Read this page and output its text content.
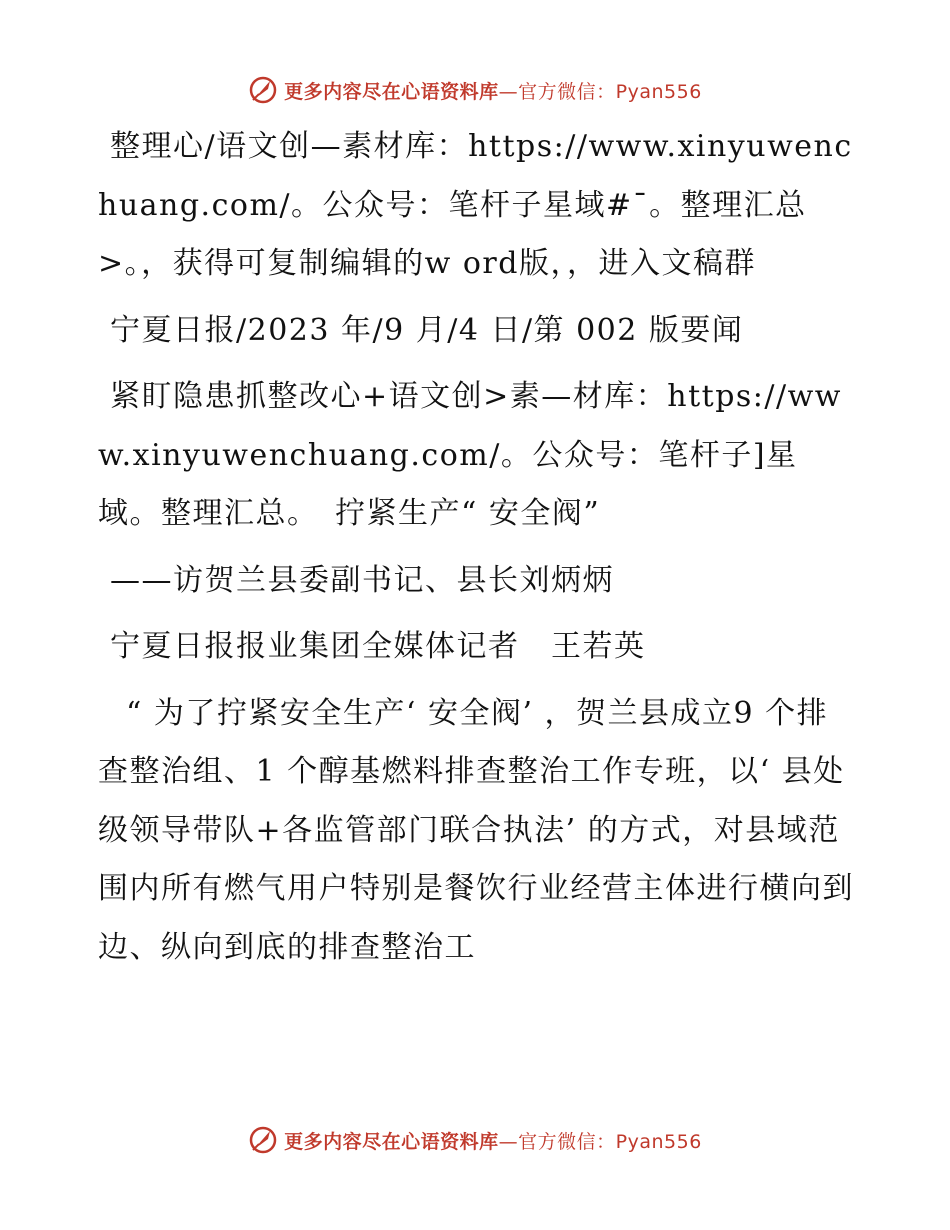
更多内容尽在心语资料库—官方微信：Pyan556

整理心/语文创—素材库：https://www.xinyuwenchuang.com/。公众号：笔杆子星域#¯。整理汇总>。，获得可复制编辑的w ord版，，进入文稿群

宁夏日报/2023 年/9 月/4 日/第 002 版要闻

紧盯隐患抓整改心+语文创>素—材库：https://www.xinyuwenchuang.com/。公众号：笔杆子]星域。整理汇总。　拧紧生产“ 安全阀”

——访贺兰县委副书记、县长刘炳炳

宁夏日报报业集团全媒体记者　王若英

“ 为了拧紧安全生产‘ 安全阀’ ，贺兰县成立9 个排查整治组、1 个醇基燃料排查整治工作专班，以‘ 县处级领导带队+各监管部门联合执法’ 的方式，对县域范围内所有燃气用户特别是餐饮行业经营主体进行横向到边、纵向到底的排查整治工

更多内容尽在心语资料库—官方微信：Pyan556
